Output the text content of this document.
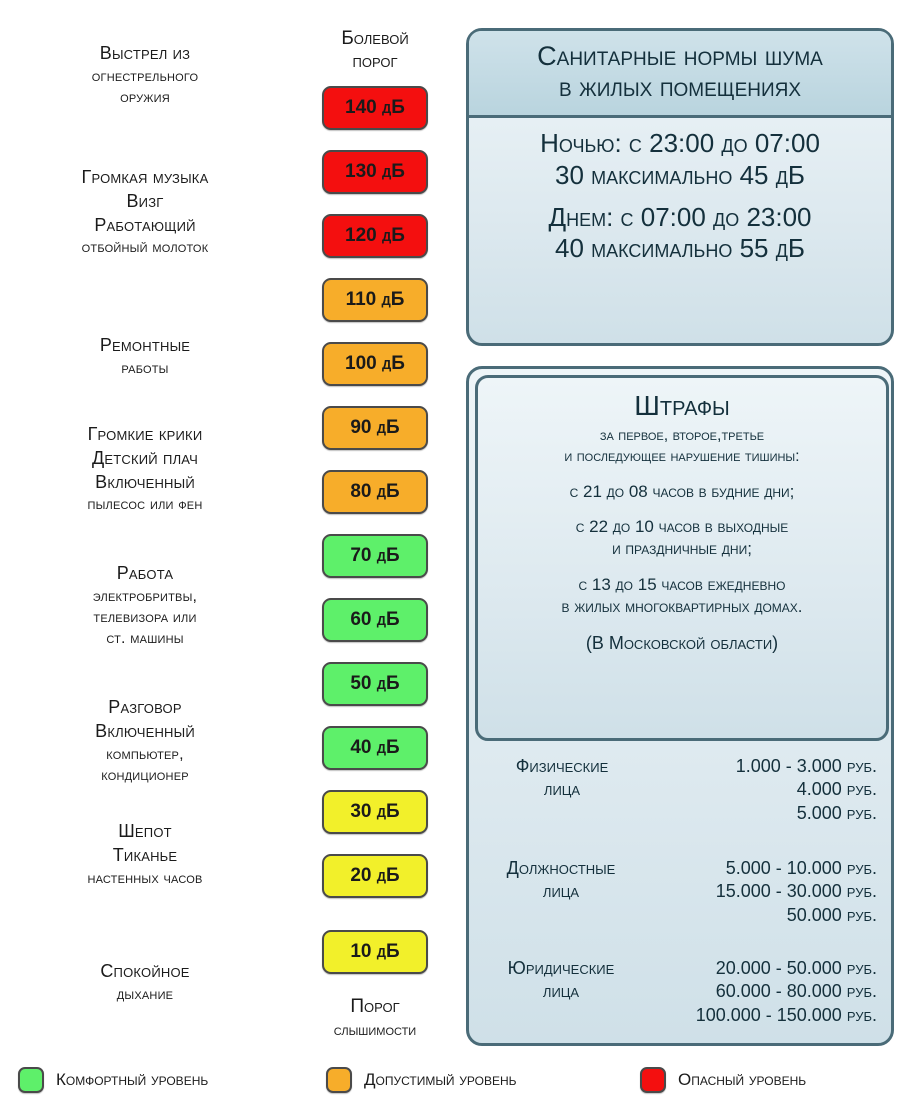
Выстрел из
огнестрельного
оружия
Громкая музыка
Визг
Работающий
отбойный молоток
Ремонтные
работы
Громкие крики
Детский плач
Включенный
пылесос или фен
Работа
электробритвы,
телевизора или
ст. машины
Разговор
Включенный
компьютер,
кондиционер
Шепот
Тиканье
настенных часов
Спокойное
дыхание
Болевой
порог
140 дБ
130 дБ
120 дБ
110 дБ
100 дБ
90 дБ
80 дБ
70 дБ
60 дБ
50 дБ
40 дБ
30 дБ
20 дБ
10 дБ
Порог
слышимости
Санитарные нормы шума
в жилых помещениях
Ночью: с 23:00 до 07:00
30 максимально 45 дБ
Днем: с 07:00 до 23:00
40 максимально 55 дБ
Штрафы
за первое, второе,третье
и последующее нарушение тишины:
с 21 до 08 часов в будние дни;
с 22 до 10 часов в выходные
и праздничные дни;
с 13 до 15 часов ежедневно
в жилых многоквартирных домах.
(В Московской области)
Физические
лица
1.000 - 3.000 руб.
4.000 руб.
5.000 руб.
Должностные
лица
5.000 - 10.000 руб.
15.000 - 30.000 руб.
50.000 руб.
Юридические
лица
20.000 - 50.000 руб.
60.000 - 80.000 руб.
100.000 - 150.000 руб.
Комфортный уровень	Допустимый уровень	Опасный уровень
